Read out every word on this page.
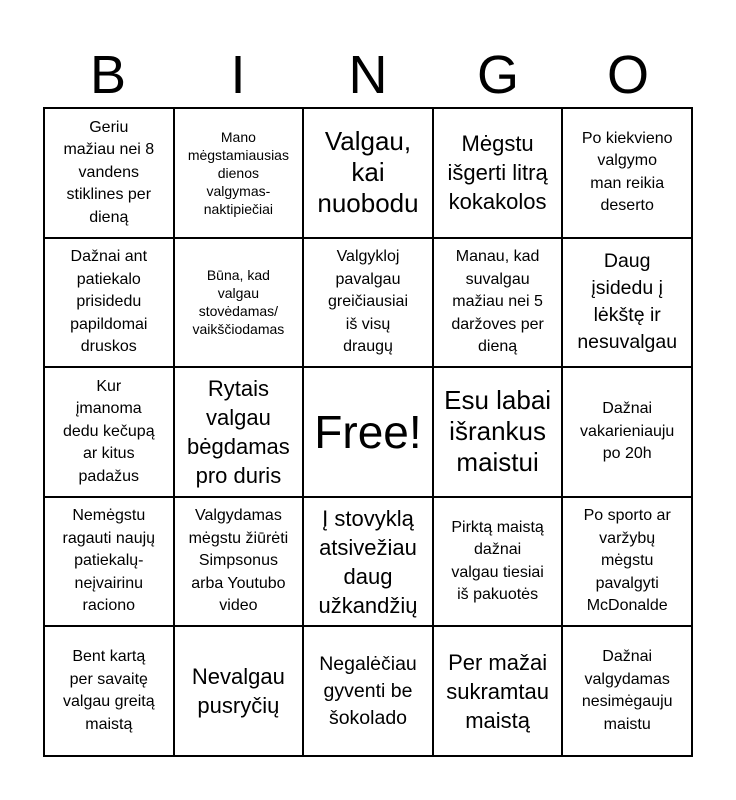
B	I	N	G	O
Geriu
mažiau nei 8
vandens
stiklines per
dieną
Mano
mėgstamiausias
dienos
valgymas-
naktipiečiai
Valgau,
kai
nuobodu
Mėgstu
išgerti litrą
kokakolos
Po kiekvieno
valgymo
man reikia
deserto
Dažnai ant
patiekalo
prisidedu
papildomai
druskos
Būna, kad
valgau
stovėdamas/
vaikščiodamas
Valgykloj
pavalgau
greičiausiai
iš visų
draugų
Manau, kad
suvalgau
mažiau nei 5
daržoves per
dieną
Daug
įsidedu į
lėkštę ir
nesuvalgau
Kur
įmanoma
dedu kečupą
ar kitus
padažus
Rytais
valgau
bėgdamas
pro duris
Free!
Esu labai
išrankus
maistui
Dažnai
vakarieniauju
po 20h
Nemėgstu
ragauti naujų
patiekalų-
neįvairinu
raciono
Valgydamas
mėgstu žiūrėti
Simpsonus
arba Youtubo
video
Į stovyklą
atsivežiau
daug
užkandžių
Pirktą maistą
dažnai
valgau tiesiai
iš pakuotės
Po sporto ar
varžybų
mėgstu
pavalgyti
McDonalde
Bent kartą
per savaitę
valgau greitą
maistą
Nevalgau
pusryčių
Negalėčiau
gyventi be
šokolado
Per mažai
sukramtau
maistą
Dažnai
valgydamas
nesimėgauju
maistu
